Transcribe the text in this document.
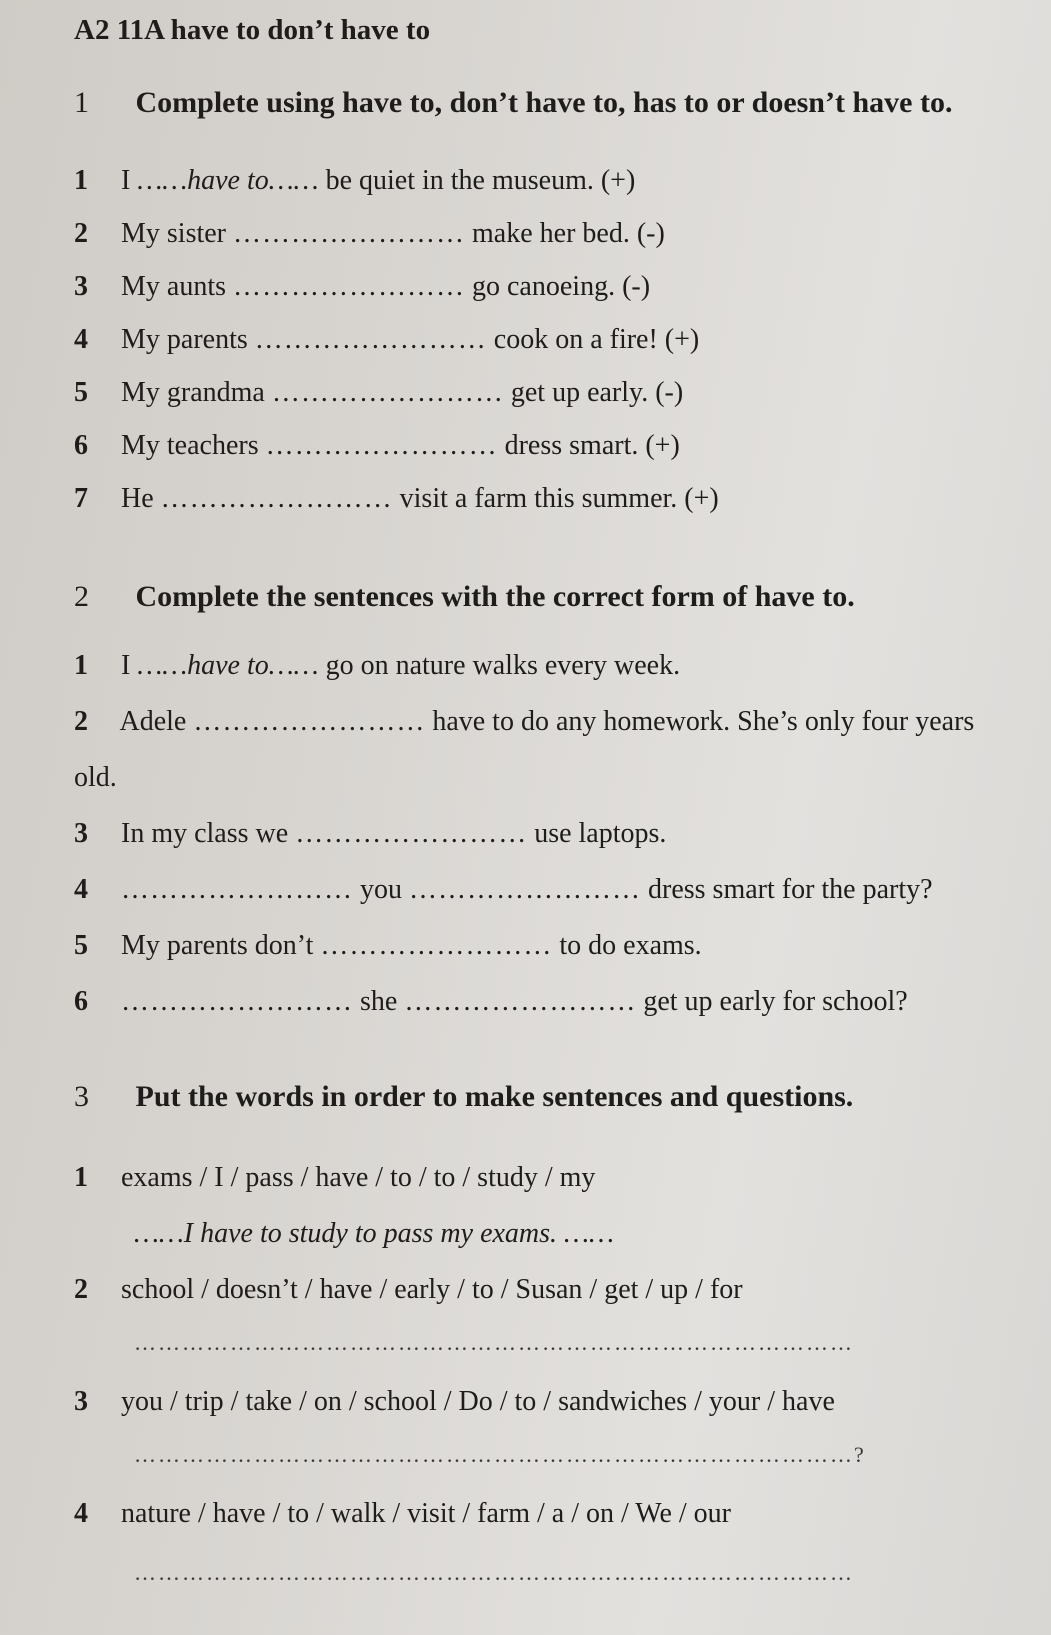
A2 11A have to don’t have to
1 Complete using have to, don’t have to, has to or doesn’t have to.
1 I ……have to…… be quiet in the museum. (+)
2 My sister …………………… make her bed. (-)
3 My aunts …………………… go canoeing. (-)
4 My parents …………………… cook on a fire! (+)
5 My grandma …………………… get up early. (-)
6 My teachers …………………… dress smart. (+)
7 He …………………… visit a farm this summer. (+)
2 Complete the sentences with the correct form of have to.
1 I ……have to…… go on nature walks every week.
2 Adele …………………… have to do any homework. She’s only four years
old.
3 In my class we …………………… use laptops.
4 …………………… you …………………… dress smart for the party?
5 My parents don’t …………………… to do exams.
6 …………………… she …………………… get up early for school?
3 Put the words in order to make sentences and questions.
1 exams / I / pass / have / to / to / study / my
……I have to study to pass my exams. ……
2 school / doesn’t / have / early / to / Susan / get / up / for
………………………………………………………………………………
3 you / trip / take / on / school / Do / to / sandwiches / your / have
………………………………………………………………………………?
4 nature / have / to / walk / visit / farm / a / on / We / our
………………………………………………………………………………
